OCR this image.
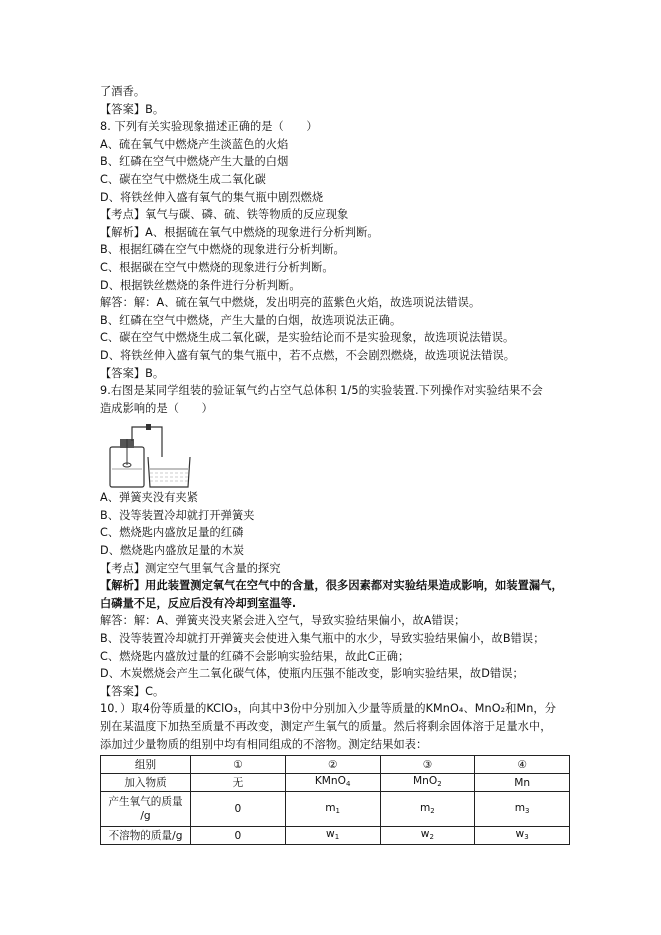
了酒香。
【答案】B。
8. 下列有关实验现象描述正确的是（　　）
A、硫在氧气中燃烧产生淡蓝色的火焰
B、红磷在空气中燃烧产生大量的白烟
C、碳在空气中燃烧生成二氧化碳
D、将铁丝伸入盛有氧气的集气瓶中剧烈燃烧
【考点】氧气与碳、磷、硫、铁等物质的反应现象
【解析】A、根据硫在氧气中燃烧的现象进行分析判断。
B、根据红磷在空气中燃烧的现象进行分析判断。
C、根据碳在空气中燃烧的现象进行分析判断。
D、根据铁丝燃烧的条件进行分析判断。
解答：解：A、硫在氧气中燃烧，发出明亮的蓝紫色火焰，故选项说法错误。
B、红磷在空气中燃烧，产生大量的白烟，故选项说法正确。
C、碳在空气中燃烧生成二氧化碳，是实验结论而不是实验现象，故选项说法错误。
D、将铁丝伸入盛有氧气的集气瓶中，若不点燃，不会剧烈燃烧，故选项说法错误。
【答案】B。
9.右图是某同学组装的验证氧气约占空气总体积 1/5的实验装置.下列操作对实验结果不会
造成影响的是（　　）
A、弹簧夹没有夹紧
B、没等装置冷却就打开弹簧夹
C、燃烧匙内盛放足量的红磷
D、燃烧匙内盛放足量的木炭
【考点】测定空气里氧气含量的探究
【解析】用此装置测定氧气在空气中的含量，很多因素都对实验结果造成影响，如装置漏气，
白磷量不足，反应后没有冷却到室温等.
解答：解：A、弹簧夹没夹紧会进入空气，导致实验结果偏小，故A错误；
B、没等装置冷却就打开弹簧夹会使进入集气瓶中的水少，导致实验结果偏小，故B错误；
C、燃烧匙内盛放过量的红磷不会影响实验结果，故此C正确；
D、木炭燃烧会产生二氧化碳气体，使瓶内压强不能改变，影响实验结果，故D错误；
【答案】C。
10．）取4份等质量的KClO₃，向其中3份中分别加入少量等质量的KMnO₄、MnO₂和Mn，分
别在某温度下加热至质量不再改变，测定产生氧气的质量。然后将剩余固体溶于足量水中，
添加过少量物质的组别中均有相同组成的不溶物。测定结果如表：
组别	①	②	③	④
加入物质	无	KMnO$_4$	MnO$_2$	Mn
产生氧气的质量
/g	0	$m_1$	$m_2$	$m_3$
不溶物的质量/g	0	$w_1$	$w_2$	$w_3$
